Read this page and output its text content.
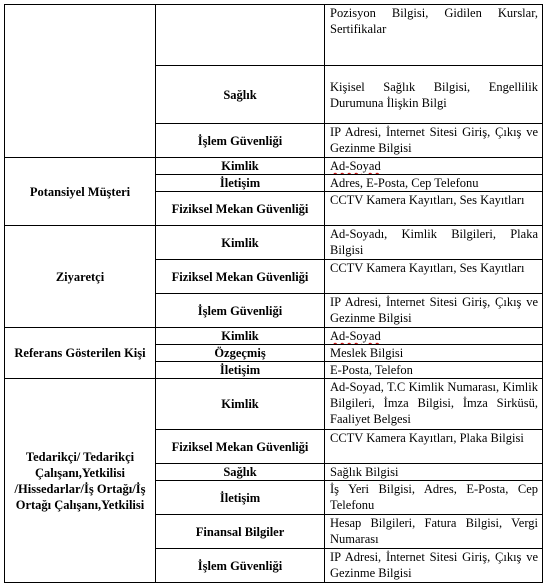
		Pozisyon Bilgisi, Gidilen Kurslar, Sertifikalar
	Sağlık	Kişisel Sağlık Bilgisi, Engellilik Durumuna İlişkin Bilgi
	İşlem Güvenliği	IP Adresi, İnternet Sitesi Giriş, Çıkış ve Gezinme Bilgisi
Potansiyel Müşteri	Kimlik	Ad-Soyad
	İletişim	Adres, E-Posta, Cep Telefonu
	Fiziksel Mekan Güvenliği	CCTV Kamera Kayıtları, Ses Kayıtları
Ziyaretçi	Kimlik	Ad-Soyadı, Kimlik Bilgileri, Plaka Bilgisi
	Fiziksel Mekan Güvenliği	CCTV Kamera Kayıtları, Ses Kayıtları
	İşlem Güvenliği	IP Adresi, İnternet Sitesi Giriş, Çıkış ve Gezinme Bilgisi
Referans Gösterilen Kişi	Kimlik	Ad-Soyad
	Özgeçmiş	Meslek Bilgisi
	İletişim	E-Posta, Telefon
Tedarikçi/ Tedarikçi Çalışanı,Yetkilisi /Hissedarlar/İş Ortağı/İş Ortağı Çalışanı,Yetkilisi	Kimlik	Ad-Soyad, T.C Kimlik Numarası, Kimlik Bilgileri, İmza Bilgisi, İmza Sirküsü, Faaliyet Belgesi
	Fiziksel Mekan Güvenliği	CCTV Kamera Kayıtları, Plaka Bilgisi
	Sağlık	Sağlık Bilgisi
	İletişim	İş Yeri Bilgisi, Adres, E-Posta, Cep Telefonu
	Finansal Bilgiler	Hesap Bilgileri, Fatura Bilgisi, Vergi Numarası
	İşlem Güvenliği	IP Adresi, İnternet Sitesi Giriş, Çıkış ve Gezinme Bilgisi
